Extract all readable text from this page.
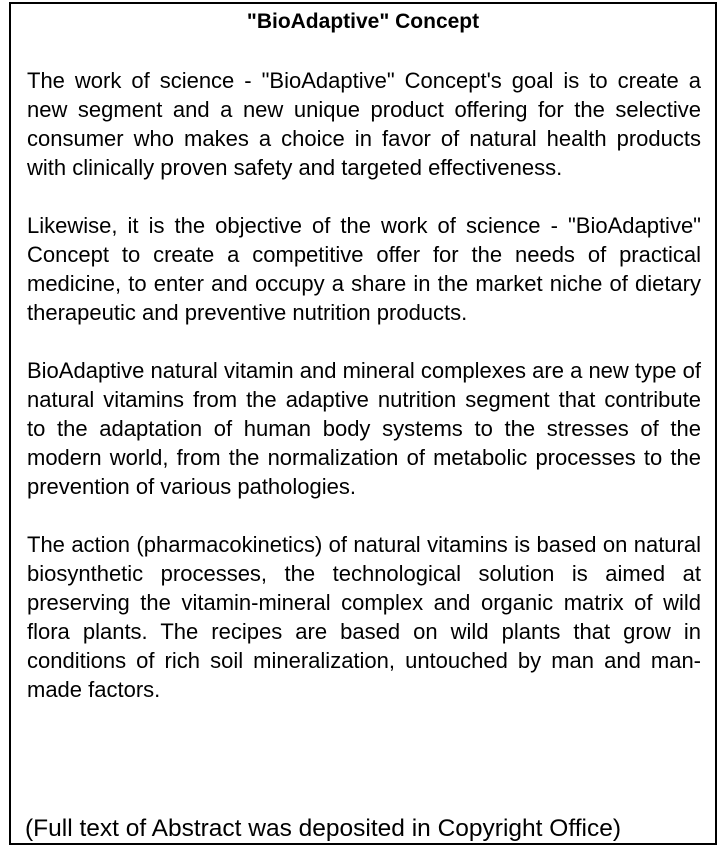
"BioAdaptive" Concept

The work of science - "BioAdaptive" Concept's goal is to create a new segment and a new unique product offering for the selective consumer who makes a choice in favor of natural health products with clinically proven safety and targeted effectiveness.

Likewise, it is the objective of the work of science - "BioAdaptive" Concept to create a competitive offer for the needs of practical medicine, to enter and occupy a share in the market niche of dietary therapeutic and preventive nutrition products.

BioAdaptive natural vitamin and mineral complexes are a new type of natural vitamins from the adaptive nutrition segment that contribute to the adaptation of human body systems to the stresses of the modern world, from the normalization of metabolic processes to the prevention of various pathologies.

The action (pharmacokinetics) of natural vitamins is based on natural biosynthetic processes, the technological solution is aimed at preserving the vitamin-mineral complex and organic matrix of wild flora plants. The recipes are based on wild plants that grow in conditions of rich soil mineralization, untouched by man and man-made factors.

(Full text of Abstract was deposited in Copyright Office)
